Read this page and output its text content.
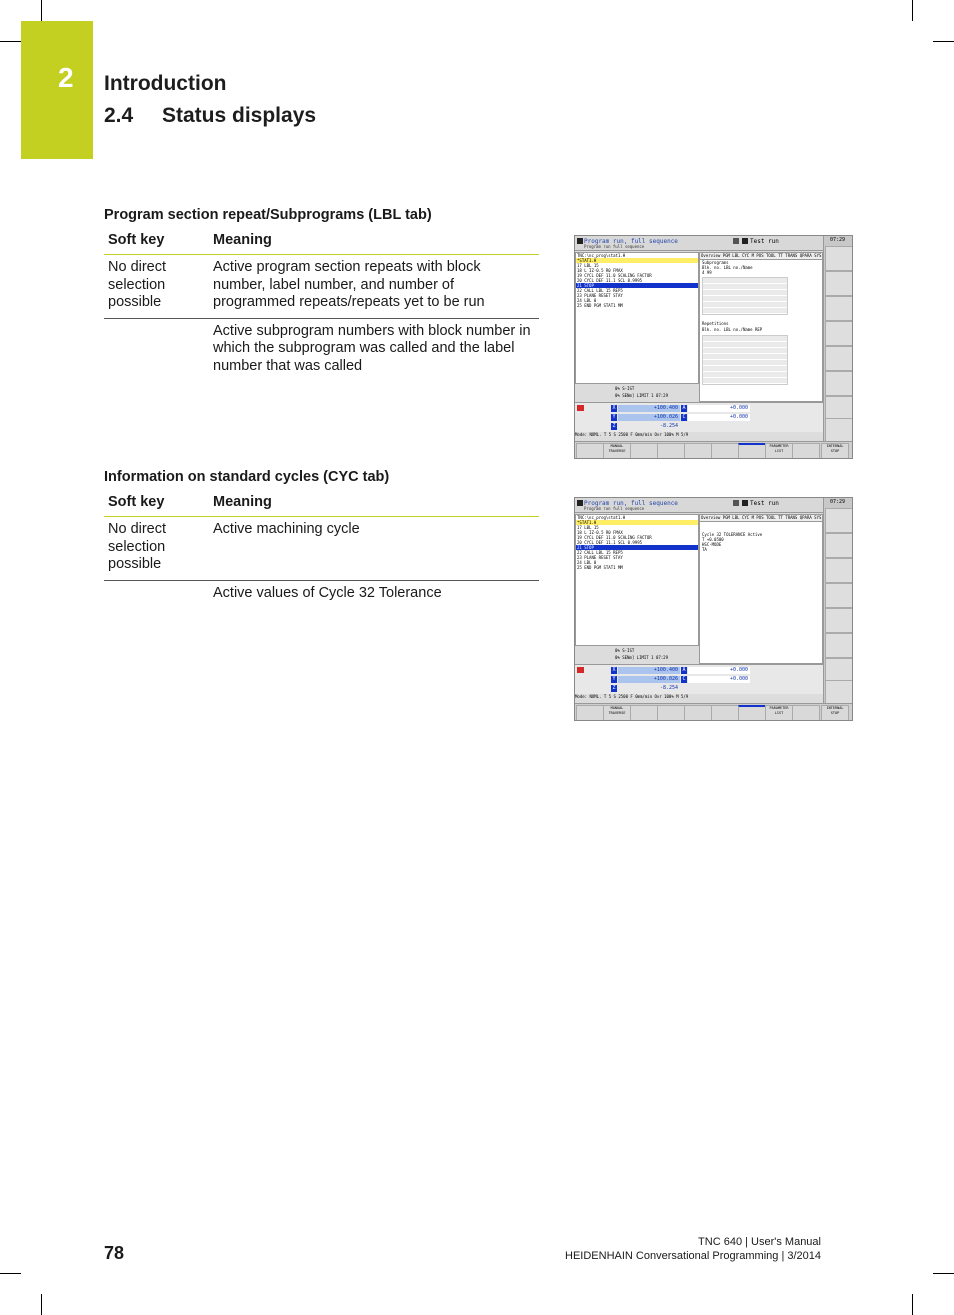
2 Introduction
2.4 Status displays
Program section repeat/Subprograms (LBL tab)
Soft key	Meaning
No direct selection possible	Active program section repeats with block number, label number, and number of programmed repeats/repeats yet to be run
	Active subprogram numbers with block number in which the subprogram was called and the label number that was called
Information on standard cycles (CYC tab)
Soft key	Meaning
No direct selection possible	Active machining cycle
	Active values of Cycle 32 Tolerance
Program run, full sequence
Program run full sequence
Test run
TNC:\nc_prog\stat1.H
*STAT1.H
17 LBL 15
18 L IZ-0.5 R0 FMAX
19 CYCL DEF 11.0 SCALING FACTOR
20 CYCL DEF 11.1 SCL 0.9995
21 STOP
22 CALL LBL 15 REP5
23 PLANE RESET STAY
24 LBL 0
25 END PGM STAT1 MM
Overview PGM LBL CYC M POS TOOL TT TRANS QPARA SYS
Subprograms
Blk. no. LBL no./Name
4 99
Repetitions
Blk. no. LBL no./Name REP
0% S-IST
0% SENm] LIMIT 1 07:29
X	+100.400
Y	+100.026
Z	-8.254
A	+0.000
C	+0.000
Mode: NOML. T 5 S 2500 F 0mm/min Ovr 100% M 5/9
07:29
MANUAL TRAVERSE
PARAMETER LIST
INTERNAL STOP
Program run, full sequence
Program run full sequence
Test run
TNC:\nc_prog\stat1.H
*STAT1.H
17 LBL 15
18 L IZ-0.5 R0 FMAX
19 CYCL DEF 11.0 SCALING FACTOR
20 CYCL DEF 11.1 SCL 0.9995
21 STOP
22 CALL LBL 15 REP5
23 PLANE RESET STAY
24 LBL 0
25 END PGM STAT1 MM
Overview PGM LBL CYC M POS TOOL TT TRANS QPARA SYS
Cycle 32 TOLERANCE Active
T +0.0500
HSC-MODE
TA
0% S-IST
0% SENm] LIMIT 1 07:29
X	+100.400
Y	+100.026
Z	-8.254
A	+0.000
C	+0.000
Mode: NOML. T 5 S 2500 F 0mm/min Ovr 100% M 5/9
07:29
MANUAL TRAVERSE
PARAMETER LIST
INTERNAL STOP
78
TNC 640 | User's Manual
HEIDENHAIN Conversational Programming | 3/2014
